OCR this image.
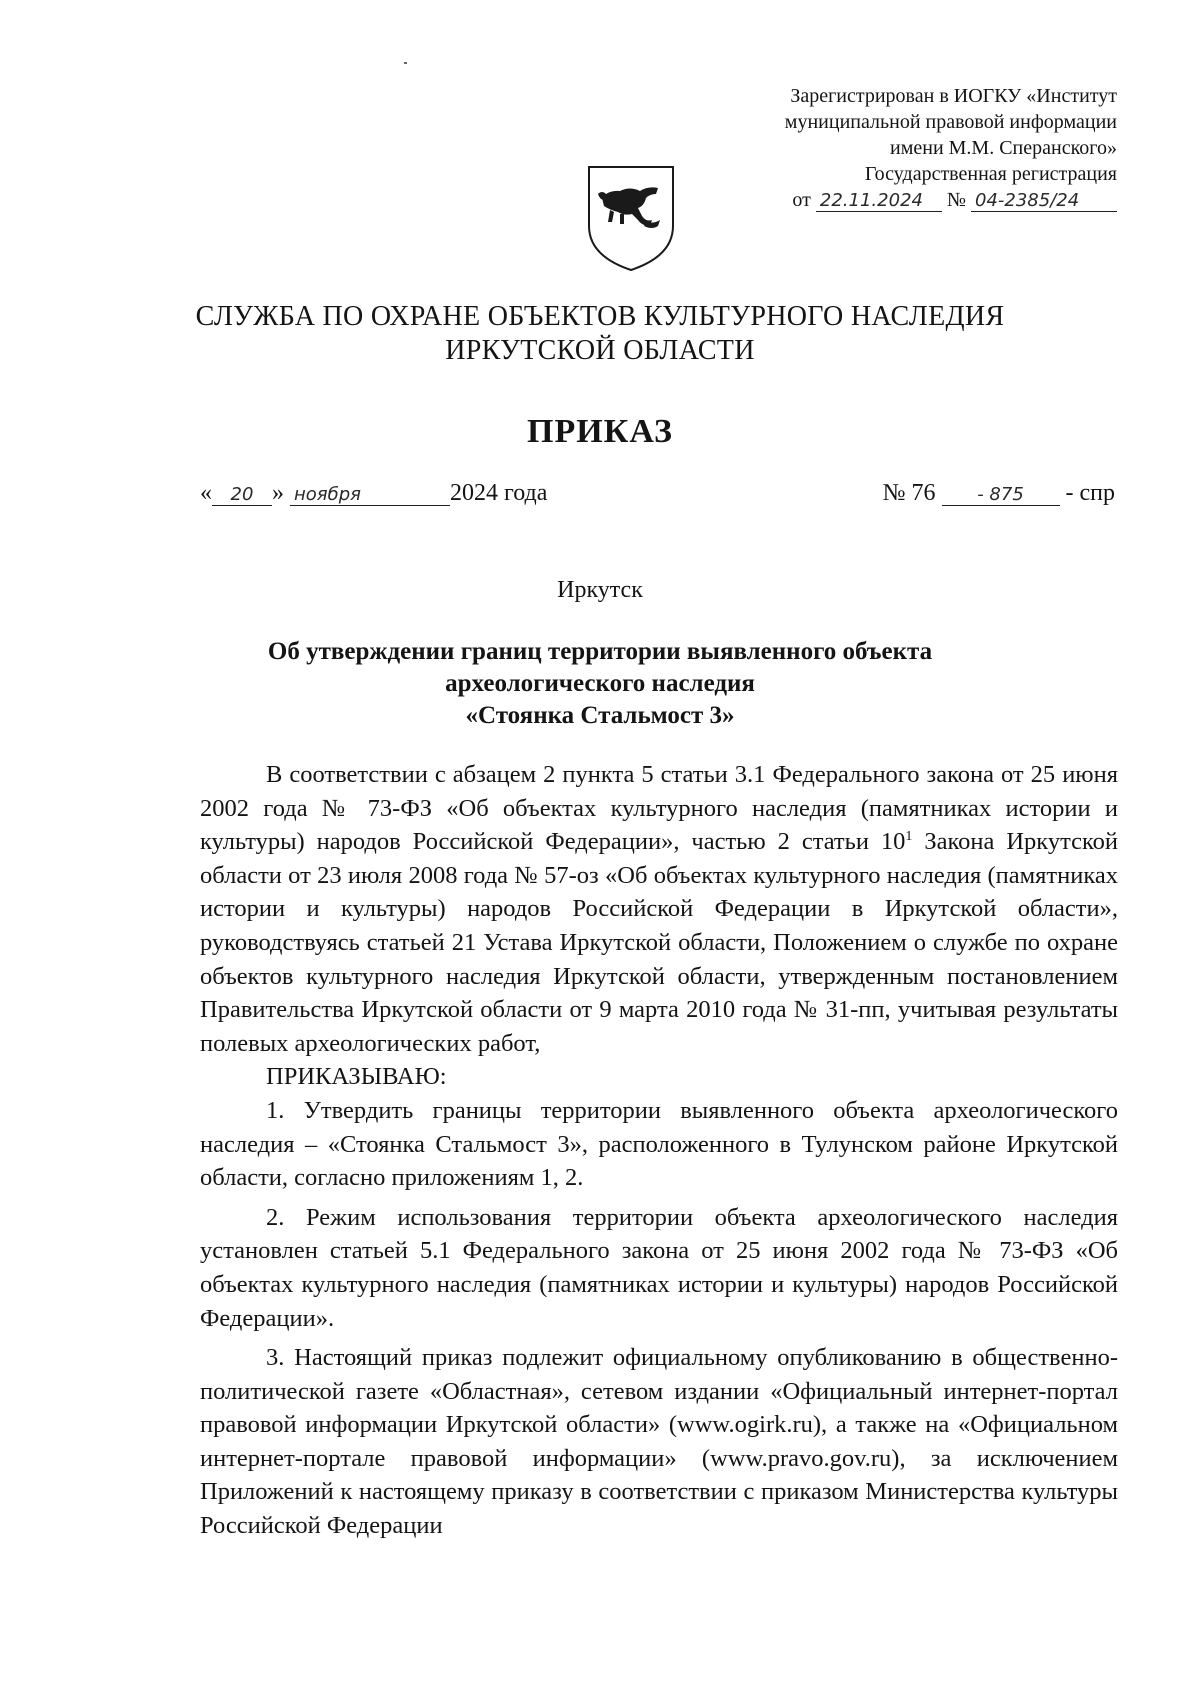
Зарегистрирован в ИОГКУ «Институт
муниципальной правовой информации
имени М.М. Сперанского»
Государственная регистрация
от 22.11.2024 № 04-2385/24
СЛУЖБА ПО ОХРАНЕ ОБЪЕКТОВ КУЛЬТУРНОГО НАСЛЕДИЯ
ИРКУТСКОЙ ОБЛАСТИ
ПРИКАЗ
« 20 » ноября	2024 года	№ 76 - 875 - спр
Иркутск
Об утверждении границ территории выявленного объекта
археологического наследия
«Стоянка Стальмост 3»

В соответствии с абзацем 2 пункта 5 статьи 3.1 Федерального закона от 25 июня 2002 года № 73-ФЗ «Об объектах культурного наследия (памятниках истории и культуры) народов Российской Федерации», частью 2 статьи $10^1$ Закона Иркутской области от 23 июля 2008 года № 57-оз «Об объектах культурного наследия (памятниках истории и культуры) народов Российской Федерации в Иркутской области», руководствуясь статьей 21 Устава Иркутской области, Положением о службе по охране объектов культурного наследия Иркутской области, утвержденным постановлением Правительства Иркутской области от 9 марта 2010 года № 31-пп, учитывая результаты полевых археологических работ,

ПРИКАЗЫВАЮ:

1. Утвердить границы территории выявленного объекта археологического наследия – «Стоянка Стальмост 3», расположенного в Тулунском районе Иркутской области, согласно приложениям 1, 2.

2. Режим использования территории объекта археологического наследия установлен статьей 5.1 Федерального закона от 25 июня 2002 года № 73-ФЗ «Об объектах культурного наследия (памятниках истории и культуры) народов Российской Федерации».

3. Настоящий приказ подлежит официальному опубликованию в общественно-политической газете «Областная», сетевом издании «Официальный интернет-портал правовой информации Иркутской области» (www.ogirk.ru), а также на «Официальном интернет-портале правовой информации» (www.pravo.gov.ru), за исключением Приложений к настоящему приказу в соответствии с приказом Министерства культуры Российской Федерации
